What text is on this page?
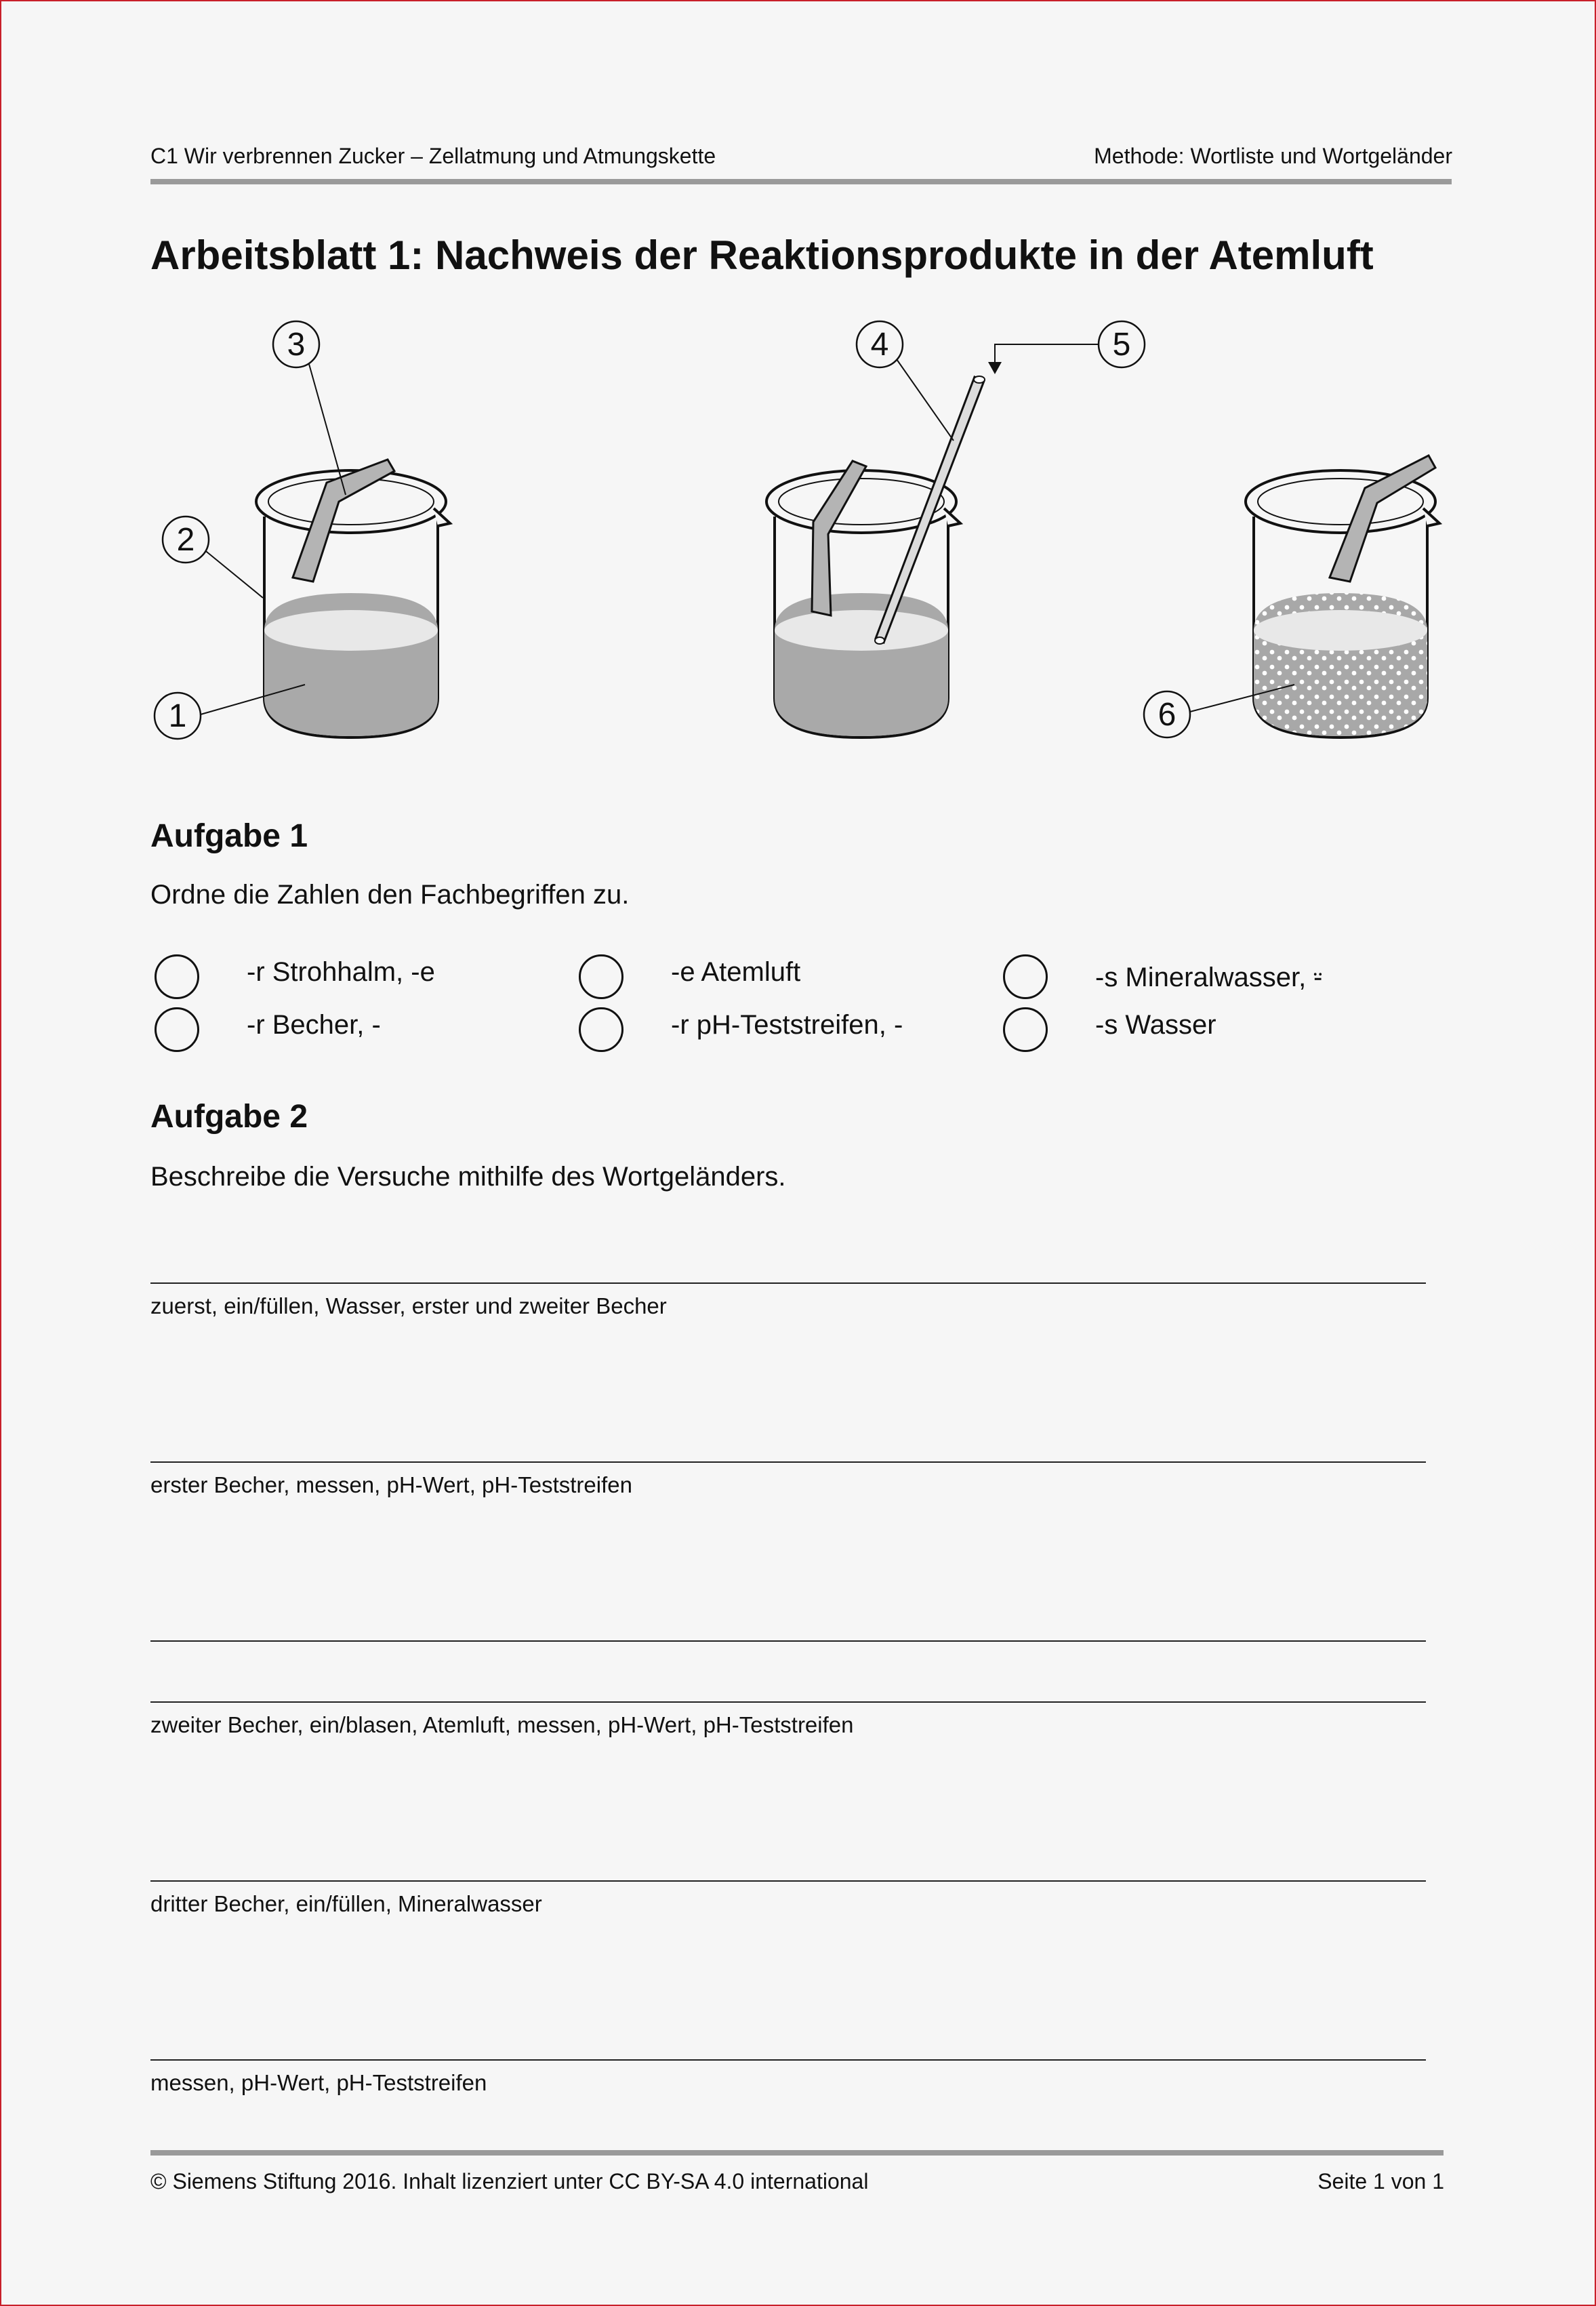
C1 Wir verbrennen Zucker – Zellatmung und Atmungskette	Methode: Wortliste und Wortgeländer
Arbeitsblatt 1: Nachweis der Reaktionsprodukte in der Atemluft
1
2
3	4	5
6
Aufgabe 1
Ordne die Zahlen den Fachbegriffen zu.
-r Strohhalm, -e	-e Atemluft	-s Mineralwasser, ⸚
-r Becher, -	-r pH-Teststreifen, -	-s Wasser
Aufgabe 2
Beschreibe die Versuche mithilfe des Wortgeländers.
zuerst, ein/füllen, Wasser, erster und zweiter Becher
erster Becher, messen, pH-Wert, pH-Teststreifen
zweiter Becher, ein/blasen, Atemluft, messen, pH-Wert, pH-Teststreifen
dritter Becher, ein/füllen, Mineralwasser
messen, pH-Wert, pH-Teststreifen
© Siemens Stiftung 2016. Inhalt lizenziert unter CC BY-SA 4.0 international	Seite 1 von 1
